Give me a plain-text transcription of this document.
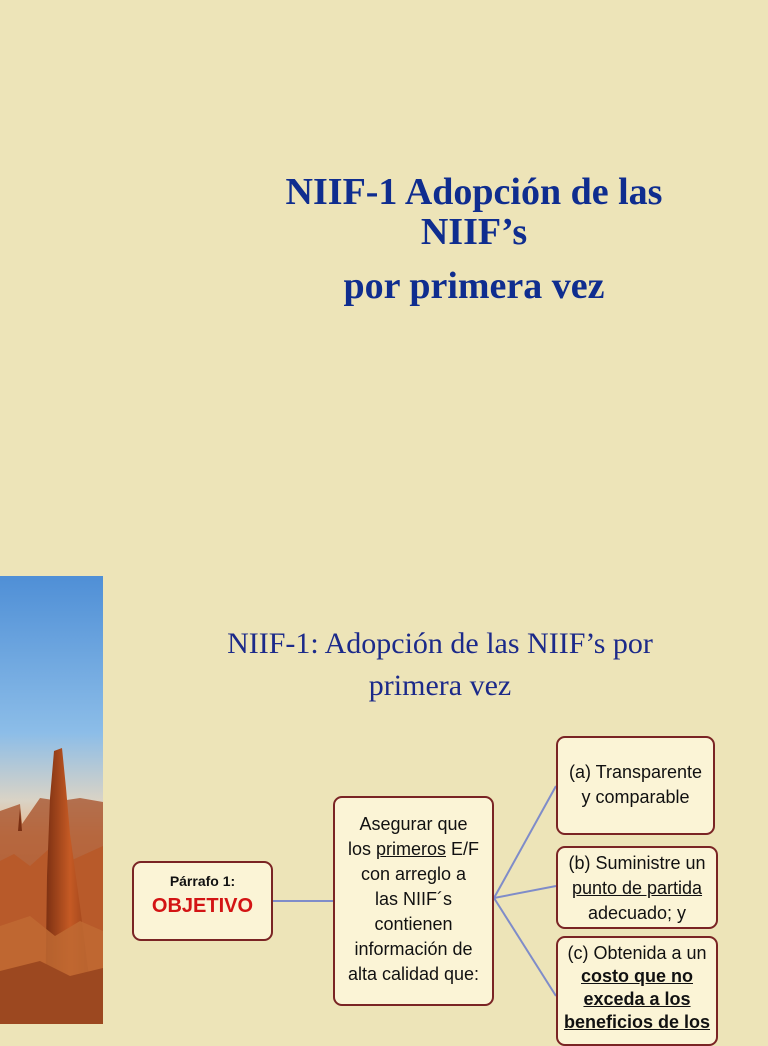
NIIF-1 Adopción de las
NIIF’s
por primera vez
NIIF-1: Adopción de las NIIF’s por
primera vez
Párrafo 1:
OBJETIVO
Asegurar que
los primeros E/F
con arreglo a
las NIIF´s
contienen
información de
alta calidad que:
(a) Transparente
y comparable
(b) Suministre un
punto de partida
adecuado; y
(c) Obtenida a un
costo que no
exceda a los
beneficios de los
